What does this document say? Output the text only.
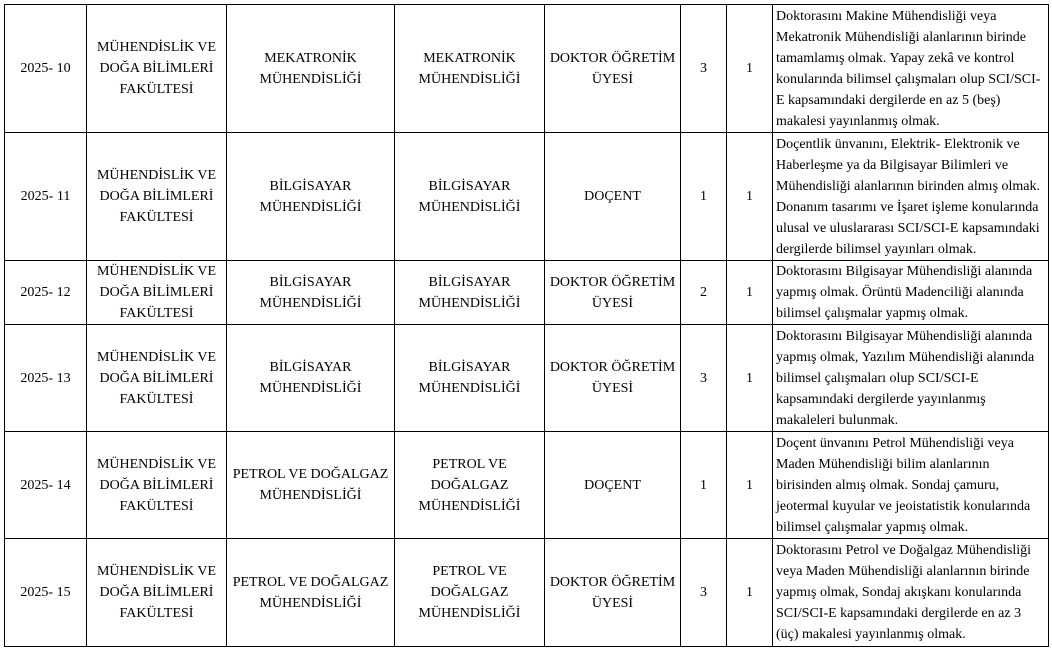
2025- 10	MÜHENDİSLİK VE DOĞA BİLİMLERİ FAKÜLTESİ	MEKATRONİK MÜHENDİSLİĞİ	MEKATRONİK MÜHENDİSLİĞİ	DOKTOR ÖĞRETİM ÜYESİ	3	1	Doktorasını Makine Mühendisliği veya Mekatronik Mühendisliği alanlarının birinde tamamlamış olmak. Yapay zekâ ve kontrol konularında bilimsel çalışmaları olup SCI/SCI-E kapsamındaki dergilerde en az 5 (beş) makalesi yayınlanmış olmak.
2025- 11	MÜHENDİSLİK VE DOĞA BİLİMLERİ FAKÜLTESİ	BİLGİSAYAR MÜHENDİSLİĞİ	BİLGİSAYAR MÜHENDİSLİĞİ	DOÇENT	1	1	Doçentlik ünvanını, Elektrik- Elektronik ve Haberleşme ya da Bilgisayar Bilimleri ve Mühendisliği alanlarının birinden almış olmak. Donanım tasarımı ve İşaret işleme konularında ulusal ve uluslararası SCI/SCI-E kapsamındaki dergilerde bilimsel yayınları olmak.
2025- 12	MÜHENDİSLİK VE DOĞA BİLİMLERİ FAKÜLTESİ	BİLGİSAYAR MÜHENDİSLİĞİ	BİLGİSAYAR MÜHENDİSLİĞİ	DOKTOR ÖĞRETİM ÜYESİ	2	1	Doktorasını Bilgisayar Mühendisliği alanında yapmış olmak. Örüntü Madenciliği alanında bilimsel çalışmalar yapmış olmak.
2025- 13	MÜHENDİSLİK VE DOĞA BİLİMLERİ FAKÜLTESİ	BİLGİSAYAR MÜHENDİSLİĞİ	BİLGİSAYAR MÜHENDİSLİĞİ	DOKTOR ÖĞRETİM ÜYESİ	3	1	Doktorasını Bilgisayar Mühendisliği alanında yapmış olmak, Yazılım Mühendisliği alanında bilimsel çalışmaları olup SCI/SCI-E kapsamındaki dergilerde yayınlanmış makaleleri bulunmak.
2025- 14	MÜHENDİSLİK VE DOĞA BİLİMLERİ FAKÜLTESİ	PETROL VE DOĞALGAZ MÜHENDİSLİĞİ	PETROL VE DOĞALGAZ MÜHENDİSLİĞİ	DOÇENT	1	1	Doçent ünvanını Petrol Mühendisliği veya Maden Mühendisliği bilim alanlarının birisinden almış olmak. Sondaj çamuru, jeotermal kuyular ve jeoistatistik konularında bilimsel çalışmalar yapmış olmak.
2025- 15	MÜHENDİSLİK VE DOĞA BİLİMLERİ FAKÜLTESİ	PETROL VE DOĞALGAZ MÜHENDİSLİĞİ	PETROL VE DOĞALGAZ MÜHENDİSLİĞİ	DOKTOR ÖĞRETİM ÜYESİ	3	1	Doktorasını Petrol ve Doğalgaz Mühendisliği veya Maden Mühendisliği alanlarının birinde yapmış olmak, Sondaj akışkanı konularında SCI/SCI-E kapsamındaki dergilerde en az 3 (üç) makalesi yayınlanmış olmak.
